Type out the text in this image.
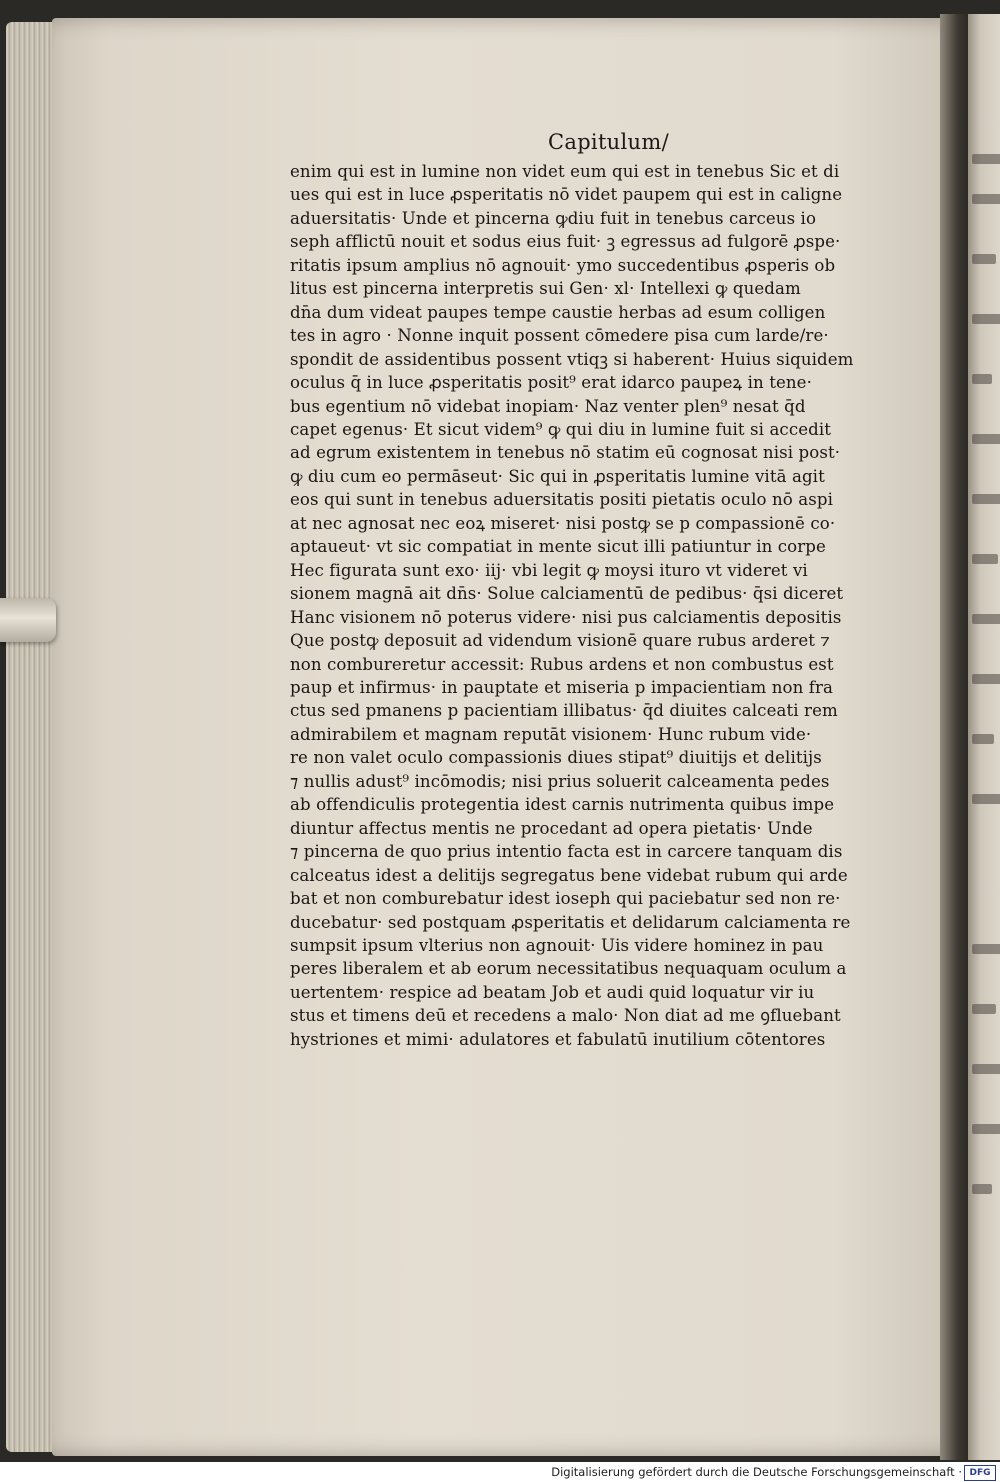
Capitulum/
enim qui est in lumine non videt eum qui est in tenebus Sic et di
ues qui est in luce ꝓsperitatis nō videt paupem qui est in caligne
aduersitatis· Unde et pincerna ꝙdiu fuit in tenebus carceus io
seph afflictū nouit et sodus eius fuit· ꝫ egressus ad fulgorē ꝓspe·
ritatis ipsum amplius nō agnouit· ymo succedentibus ꝓsperis ob
litus est pincerna interpretis sui Gen· xl· Intellexi ꝙ quedam
dn̄a dum videat paupes tempe caustie herbas ad esum colligen
tes in agro · Nonne inquit possent cōmedere pisa cum larde/re·
spondit de assidentibus possent vtiqꝫ si haberent· Huius siquidem
oculus q̄ in luce ꝓsperitatis posit⁹ erat idarco paupeꝝ in tene·
bus egentium nō videbat inopiam· Naz venter plen⁹ nesat q̄d
capet egenus· Et sicut videm⁹ ꝙ qui diu in lumine fuit si accedit
ad egrum existentem in tenebus nō statim eū cognosat nisi post·
ꝙ diu cum eo permāseut· Sic qui in ꝓsperitatis lumine vitā agit
eos qui sunt in tenebus aduersitatis positi pietatis oculo nō aspi
at nec agnosat nec eoꝝ miseret· nisi postꝙ se p compassionē co·
aptaueut· vt sic compatiat in mente sicut illi patiuntur in corpe
Hec figurata sunt exo· iij· vbi legit ꝙ moysi ituro vt videret vi
sionem magnā ait dn̄s· Solue calciamentū de pedibus· q̄si diceret
Hanc visionem nō poterus videre· nisi pus calciamentis depositis
Que postꝙ deposuit ad videndum visionē quare rubus arderet ⁊
non combureretur accessit: Rubus ardens et non combustus est
paup et infirmus· in pauptate et miseria p impacientiam non fra
ctus sed pmanens p pacientiam illibatus· q̄d diuites calceati rem
admirabilem et magnam reputāt visionem· Hunc rubum vide·
re non valet oculo compassionis diues stipat⁹ diuitijs et delitijs
⁊ nullis adust⁹ incōmodis; nisi prius soluerit calceamenta pedes
ab offendiculis protegentia idest carnis nutrimenta quibus impe
diuntur affectus mentis ne procedant ad opera pietatis· Unde
⁊ pincerna de quo prius intentio facta est in carcere tanquam dis
calceatus idest a delitijs segregatus bene videbat rubum qui arde
bat et non comburebatur idest ioseph qui paciebatur sed non re·
ducebatur· sed postquam ꝓsperitatis et delidarum calciamenta re
sumpsit ipsum vlterius non agnouit· Uis videre hominez in pau
peres liberalem et ab eorum necessitatibus nequaquam oculum a
uertentem· respice ad beatam Job et audi quid loquatur vir iu
stus et timens deū et recedens a malo· Non diat ad me ꝯfluebant
hystriones et mimi· adulatores et fabulatū inutilium cōtentores
Digitalisierung gefördert durch die Deutsche Forschungsgemeinschaft · DFG
